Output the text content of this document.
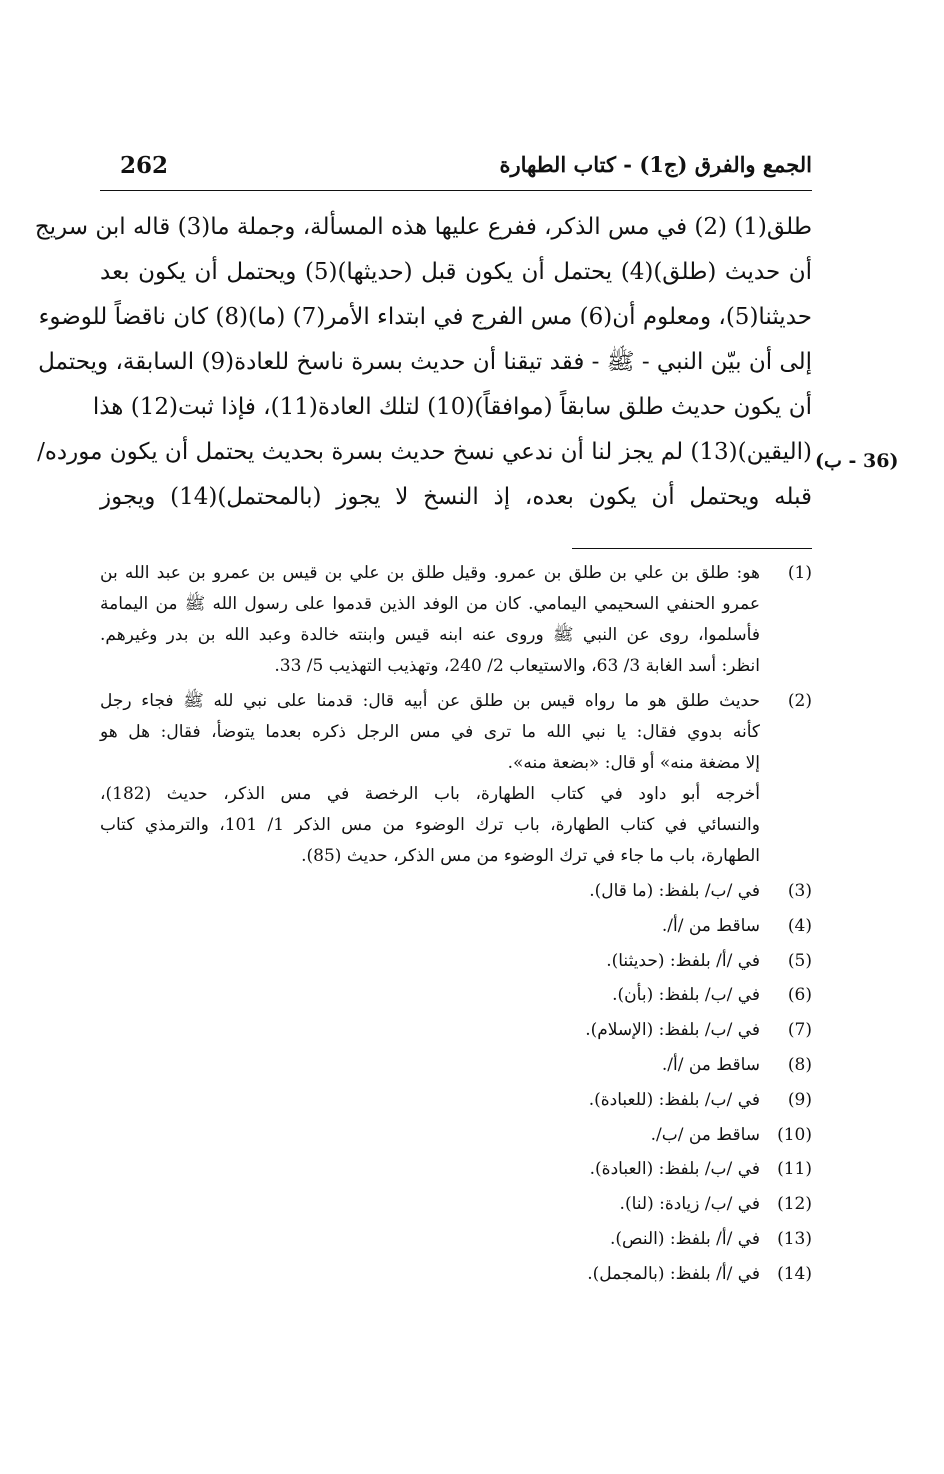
262	الجمع والفرق (ج1) - كتاب الطهارة
طلق(1) (2) في مس الذكر، ففرع عليها هذه المسألة، وجملة ما(3) قاله ابن سريج
أن حديث (طلق)(4) يحتمل أن يكون قبل (حديثها)(5) ويحتمل أن يكون بعد
حديثنا(5)، ومعلوم أن(6) مس الفرج في ابتداء الأمر(7) (ما)(8) كان ناقضاً للوضوء
إلى أن بيّن النبي - ﷺ - فقد تيقنا أن حديث بسرة ناسخ للعادة(9) السابقة، ويحتمل
أن يكون حديث طلق سابقاً (موافقاً)(10) لتلك العادة(11)، فإذا ثبت(12) هذا
(اليقين)(13) لم يجز لنا أن ندعي نسخ حديث بسرة بحديث يحتمل أن يكون مورده/
قبله ويحتمل أن يكون بعده، إذ النسخ لا يجوز (بالمحتمل)(14) ويجوز
(36 - ب)
(1)
هو: طلق بن علي بن طلق بن عمرو. وقيل طلق بن علي بن قيس بن عمرو بن عبد الله بن
عمرو الحنفي السحيمي اليمامي. كان من الوفد الذين قدموا على رسول الله ﷺ من اليمامة
فأسلموا، روى عن النبي ﷺ وروى عنه ابنه قيس وابنته خالدة وعبد الله بن بدر وغيرهم.
انظر: أسد الغابة 3/ 63، والاستيعاب 2/ 240، وتهذيب التهذيب 5/ 33.
(2)
حديث طلق هو ما رواه قيس بن طلق عن أبيه قال: قدمنا على نبي لله ﷺ فجاء رجل
كأنه بدوي فقال: يا نبي الله ما ترى في مس الرجل ذكره بعدما يتوضأ، فقال: هل هو
إلا مضغة منه» أو قال: «بضعة منه».
أخرجه أبو داود في كتاب الطهارة، باب الرخصة في مس الذكر، حديث (182)،
والنسائي في كتاب الطهارة، باب ترك الوضوء من مس الذكر 1/ 101، والترمذي كتاب
الطهارة، باب ما جاء في ترك الوضوء من مس الذكر، حديث (85).
(3)
في /ب/ بلفظ: (ما قال).
(4)
ساقط من /أ/.
(5)
في /أ/ بلفظ: (حديثنا).
(6)
في /ب/ بلفظ: (بأن).
(7)
في /ب/ بلفظ: (الإسلام).
(8)
ساقط من /أ/.
(9)
في /ب/ بلفظ: (للعبادة).
(10)
ساقط من /ب/.
(11)
في /ب/ بلفظ: (العبادة).
(12)
في /ب/ زيادة: (لنا).
(13)
في /أ/ بلفظ: (النص).
(14)
في /أ/ بلفظ: (بالمجمل).
